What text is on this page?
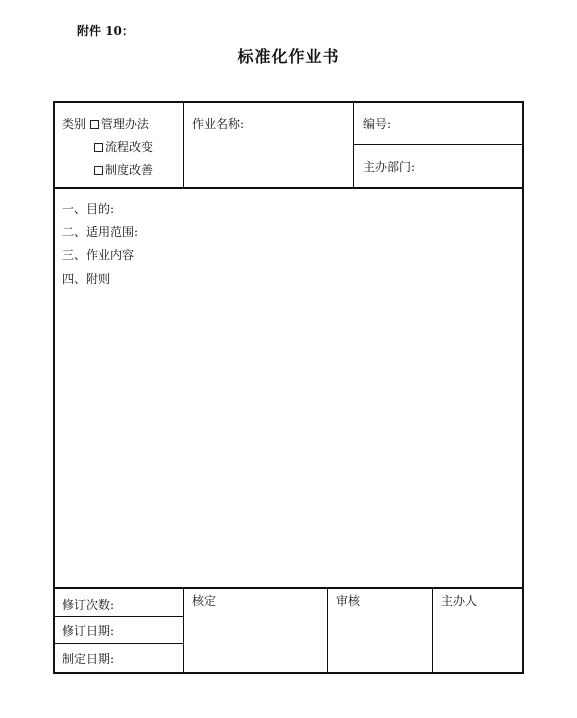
附件 10：
标准化作业书
类别 管理办法
流程改变
制度改善
作业名称:	编号:
主办部门:
一、目的:
二、适用范围:
三、作业内容
四、附则
修订次数:
修订日期:
制定日期:
核定	审核	主办人
